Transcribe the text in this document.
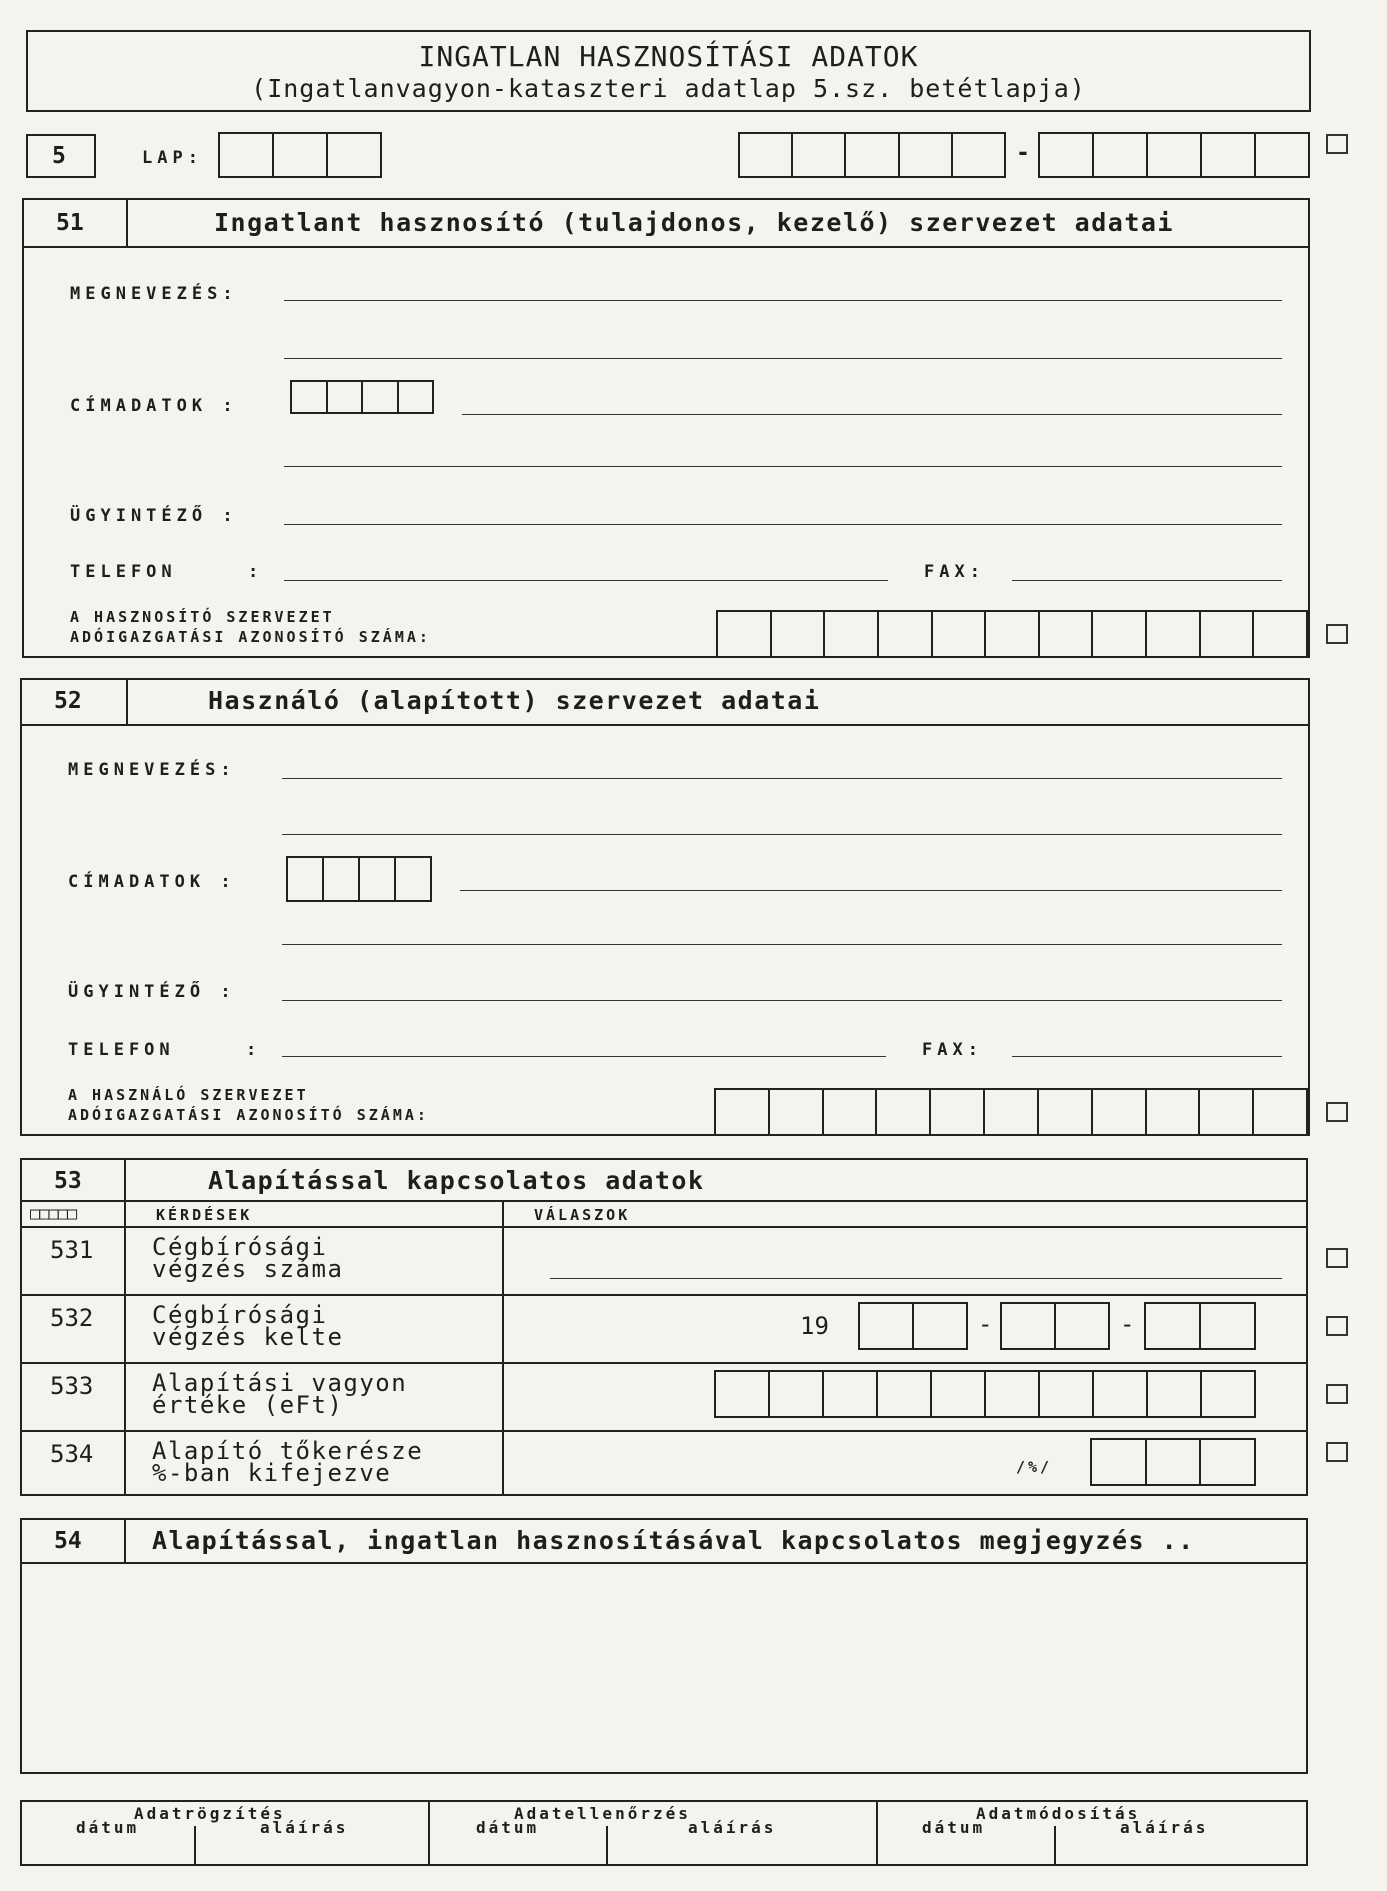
INGATLAN HASZNOSÍTÁSI ADATOK
(Ingatlanvagyon-kataszteri adatlap 5.sz. betétlapja)
5	LAP:	-
51	Ingatlant hasznosító (tulajdonos, kezelő) szervezet adatai
MEGNEVEZÉS:
CÍMADATOK :
ÜGYINTÉZŐ :
TELEFON	:	FAX:
A HASZNOSÍTÓ SZERVEZET
ADÓIGAZGATÁSI AZONOSÍTÓ SZÁMA:
52	Használó (alapított) szervezet adatai
MEGNEVEZÉS:
CÍMADATOK :
ÜGYINTÉZŐ :
TELEFON	:	FAX:
A HASZNÁLÓ SZERVEZET
ADÓIGAZGATÁSI AZONOSÍTÓ SZÁMA:
53	Alapítással kapcsolatos adatok
□□□□□	KÉRDÉSEK	VÁLASZOK
531 Cégbírósági
végzés száma
532 Cégbírósági
végzés kelte	19	-	-
533 Alapítási vagyon
értéke (eFt)
534 Alapító tőkerésze
%-ban kifejezve	/%/
54	Alapítással, ingatlan hasznosításával kapcsolatos megjegyzés ..
Adatrögzítés
dátum	aláírás
Adatellenőrzés
dátum	aláírás
Adatmódosítás
dátum	aláírás
